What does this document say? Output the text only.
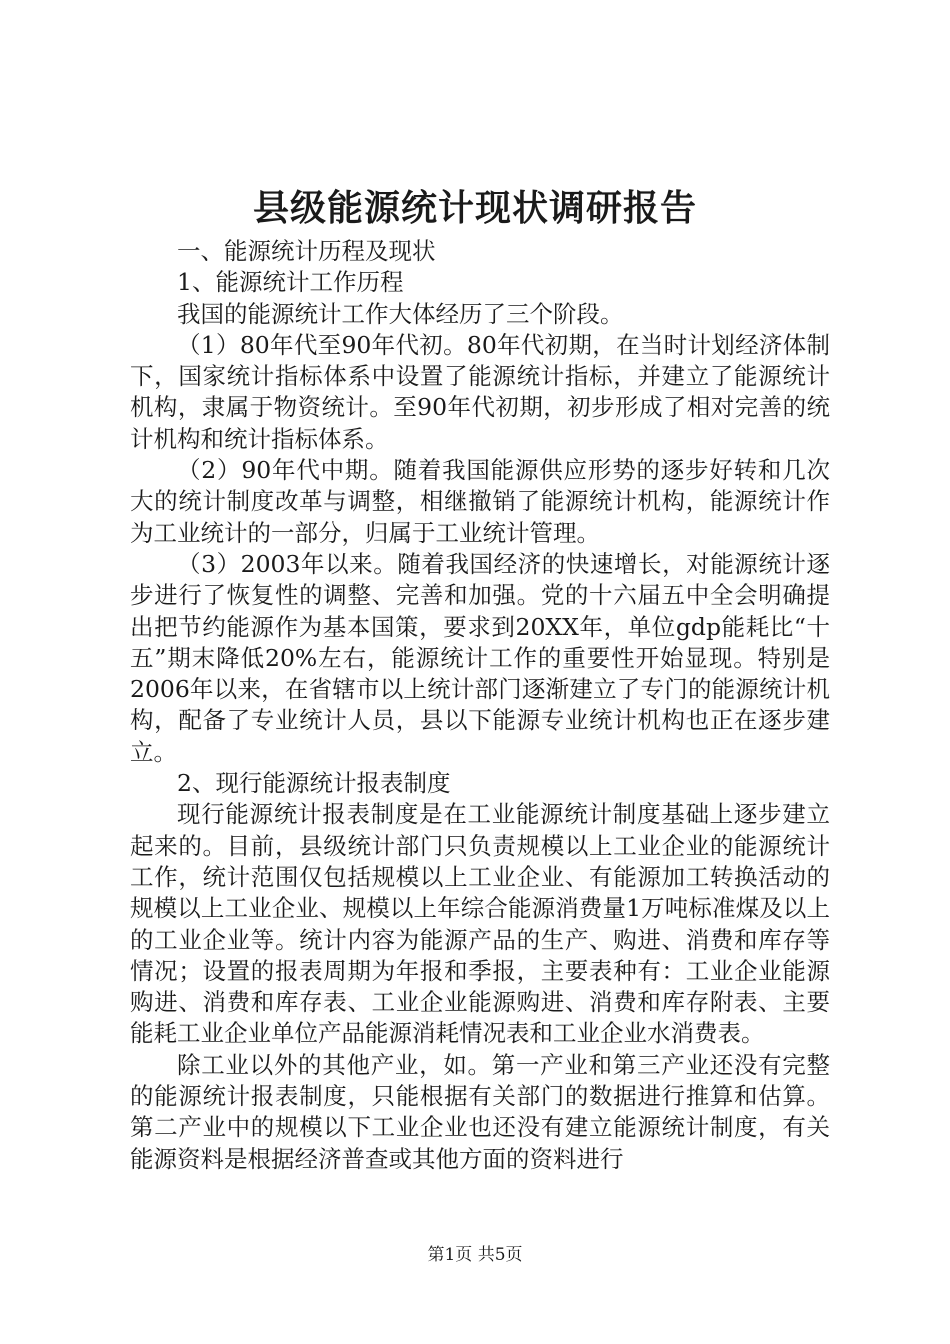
县级能源统计现状调研报告

一、能源统计历程及现状

1、能源统计工作历程

我国的能源统计工作大体经历了三个阶段。

（1）80年代至90年代初。80年代初期，在当时计划经济体制下，国家统计指标体系中设置了能源统计指标，并建立了能源统计机构，隶属于物资统计。至90年代初期，初步形成了相对完善的统计机构和统计指标体系。

（2）90年代中期。随着我国能源供应形势的逐步好转和几次大的统计制度改革与调整，相继撤销了能源统计机构，能源统计作为工业统计的一部分，归属于工业统计管理。

（3）2003年以来。随着我国经济的快速增长，对能源统计逐步进行了恢复性的调整、完善和加强。党的十六届五中全会明确提出把节约能源作为基本国策，要求到20XX年，单位gdp能耗比“十五”期末降低20%左右，能源统计工作的重要性开始显现。特别是2006年以来，在省辖市以上统计部门逐渐建立了专门的能源统计机构，配备了专业统计人员，县以下能源专业统计机构也正在逐步建立。

2、现行能源统计报表制度

现行能源统计报表制度是在工业能源统计制度基础上逐步建立起来的。目前，县级统计部门只负责规模以上工业企业的能源统计工作，统计范围仅包括规模以上工业企业、有能源加工转换活动的规模以上工业企业、规模以上年综合能源消费量1万吨标准煤及以上的工业企业等。统计内容为能源产品的生产、购进、消费和库存等情况；设置的报表周期为年报和季报，主要表种有：工业企业能源购进、消费和库存表、工业企业能源购进、消费和库存附表、主要能耗工业企业单位产品能源消耗情况表和工业企业水消费表。

除工业以外的其他产业，如。第一产业和第三产业还没有完整的能源统计报表制度，只能根据有关部门的数据进行推算和估算。第二产业中的规模以下工业企业也还没有建立能源统计制度，有关能源资料是根据经济普查或其他方面的资料进行

第1页 共5页
